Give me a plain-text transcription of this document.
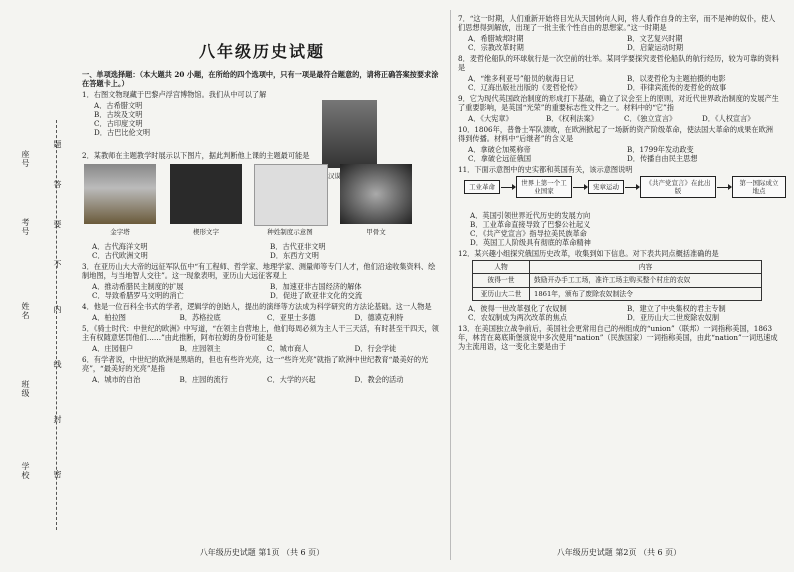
学校
班级
姓名
考号
座号
密
封
线
内
不
要
答
题
八年级历史试题
一、单项选择题：（本大题共 20 小题，在所给的四个选项中，只有一项是最符合题意的，请将正确答案按要求涂在答题卡上。）
1．右图文物现藏于巴黎卢浮宫博物馆。我们从中可以了解
A．古希腊文明
B．古埃及文明
C．古印度文明
D．古巴比伦文明
2．某教师在主题教学时展示以下图片，据此判断他上课的主题最可能是
金字塔	楔形文字	种姓制度示意图	甲骨文
A．古代海洋文明	B．古代亚非文明
C．古代欧洲文明	D．东西方文明
3．在亚历山大大帝的远征军队伍中“有工程师、哲学家、地理学家、测量师等专门人才，他们沿途收集资料、绘制地图，与当地智人交往”。这一现象表明，亚历山大远征客观上
A．推动希腊民主制度的扩展	B．加速亚非古国经济的解体
C．导致希腊罗马文明的消亡	D．促进了欧亚非文化的交流
4．他是一位百科全书式的学者，逻辑学的创始人，提出的演绎等方法成为科学研究的方法论基础。这一人物是
A．柏拉图	B．苏格拉底	C．亚里士多德	D．德谟克利特
5．《骑士时代：中世纪的欧洲》中写道，“在领主自营地上，他们每周必须为主人干三天活，有时甚至干四天，领主有权随意惩罚他们……”由此推断，阿布拉姆的身份可能是
A．庄园佃户	B．庄园领主	C．城市商人	D．行会学徒
6．有学者说，中世纪的欧洲是黑暗的，但也有些许光亮，这一“些许光亮”就指了欧洲中世纪教育“最美好的光亮”，“最美好的光亮”是指
A．城市的自治	B．庄园的流行	C．大学的兴起	D．教会的活动
八年级历史试题 第1页 （共 6 页）
7．“这一时期，人们重新开始将目光从天国转向人间，将人看作自身的主宰，而不是神的奴仆，使人们思想得到解放，出现了一批主张个性自由的思想家。”这一时期是
A．希腊城邦时期	B．文艺复兴时期
C．宗教改革时期	D．启蒙运动时期
8．麦哲伦船队的环球航行是一次空前的壮举。某同学要探究麦哲伦船队的航行经历，较为可靠的资料是
A．“维多利亚号”船员的航海日记	B．以麦哲伦为主题拍摄的电影
C．辽海出版社出版的《麦哲伦传》	D．菲律宾流传的麦哲伦的故事
9．它为现代英国政治制度的形成打下基础，确立了议会至上的原则，对近代世界政治制度的发展产生了重要影响，是英国“光荣”的重要标志性文件之一。材料中的“它”指
A．《大宪章》	B．《权利法案》	C．《独立宣言》	D．《人权宣言》
10．1806年，普鲁士军队溃败，在欧洲掀起了一场新的资产阶级革命，使法国大革命的成果在欧洲得到传播。材料中“后继者”的含义是
A．拿破仑加冕称帝	B．1799年发动政变
C．拿破仑远征俄国	D．传播自由民主思想
11．下面示意图中的史实都和英国有关，该示意图说明
工业革命
世界上第一个工业国家
宪章运动
《共产党宣言》在此出版
第一国际成立地点
A．英国引领世界近代历史的发展方向
B．工业革命直接导致了巴黎公社起义
C．《共产党宣言》指导拉美民族革命
D．英国工人阶级具有彻底的革命精神
12．某兴趣小组探究俄国历史改革，收集到如下信息。对下表共同点概括准确的是
人物	内容
彼得一世	鼓励开办手工工场，准许工场主购买整个村庄的农奴
亚历山大二世	1861年，颁布了废除农奴制法令
A．彼得一世改革强化了农奴制	B．建立了中央集权的君主专制
C．农奴制成为两次改革的焦点	D．亚历山大二世废除农奴制
13．在美国独立战争前后，美国社会更常用自己的州组成的“union”（联邦）一词指称美国，1863年，林肯在葛底斯堡演说中多次使用“nation”（民族国家）一词指称美国，由此“nation”一词迅速成为主流用语，这一变化主要是由于
八年级历史试题 第2页 （共 6 页）
